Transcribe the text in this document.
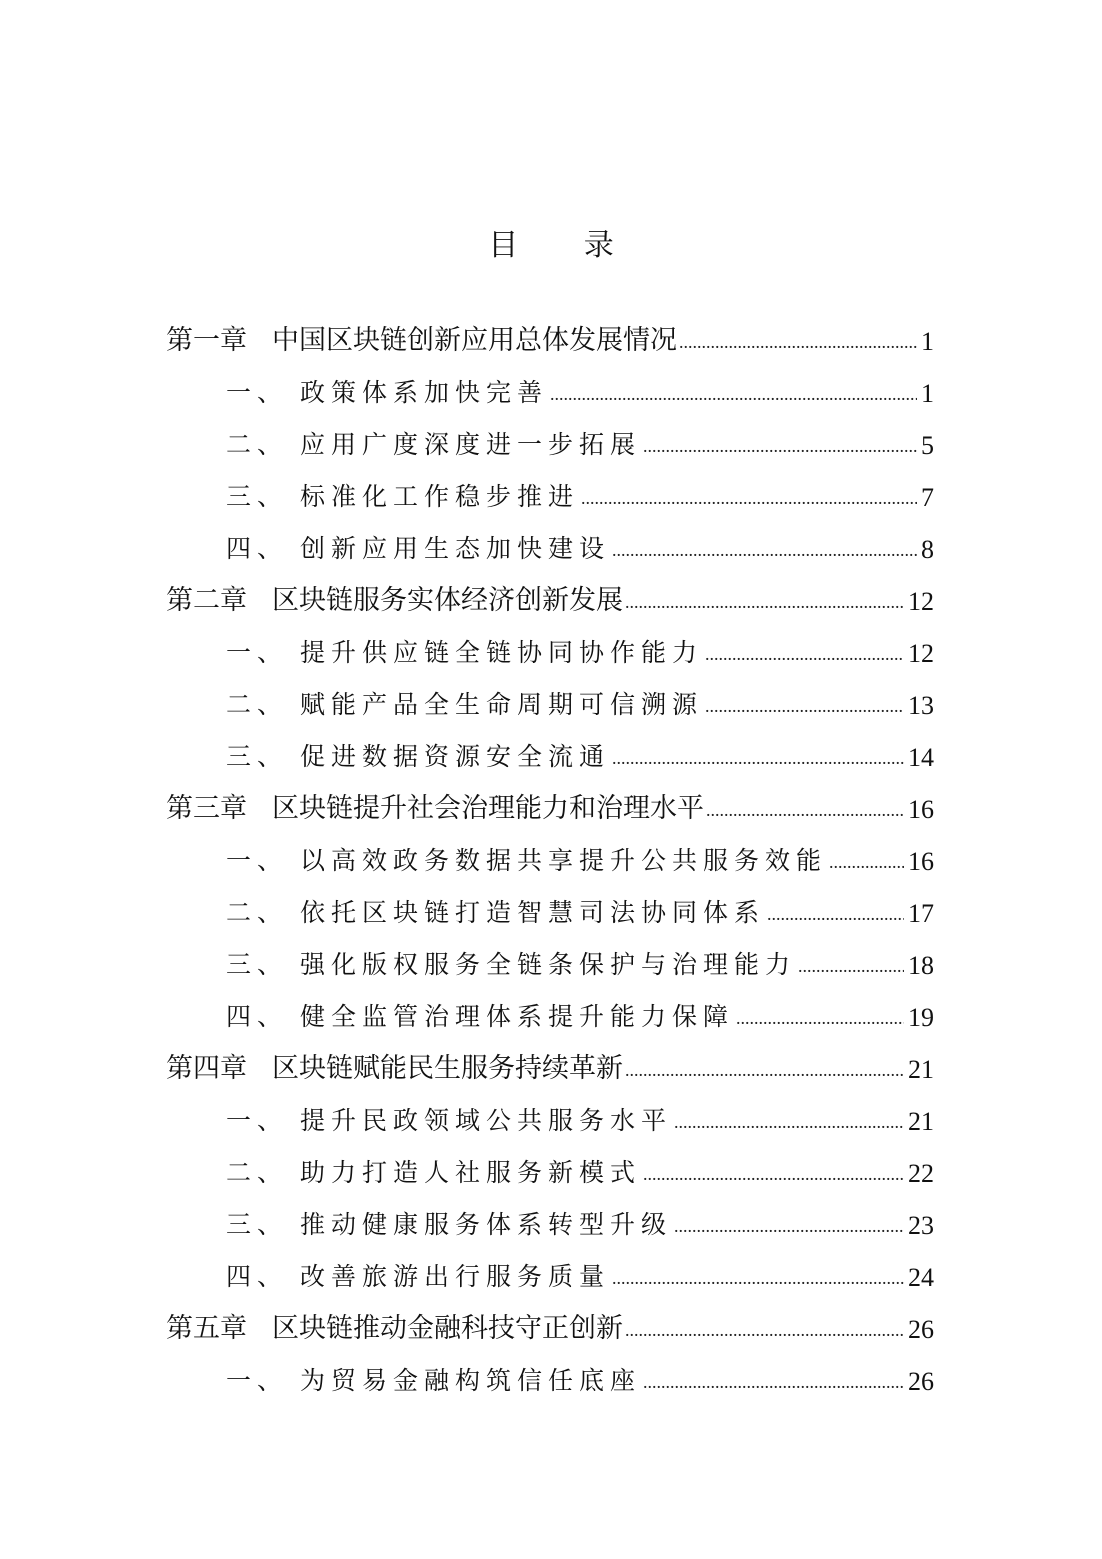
目 录
第一章 中国区块链创新应用总体发展情况 .....	1
一、 政策体系加快完善 .....	1
二、 应用广度深度进一步拓展 .....	5
三、 标准化工作稳步推进 .....	7
四、 创新应用生态加快建设 .....	8
第二章 区块链服务实体经济创新发展 .....	12
一、 提升供应链全链协同协作能力 .....	12
二、 赋能产品全生命周期可信溯源 .....	13
三、 促进数据资源安全流通 .....	14
第三章 区块链提升社会治理能力和治理水平 .....	16
一、 以高效政务数据共享提升公共服务效能 .....	16
二、 依托区块链打造智慧司法协同体系 .....	17
三、 强化版权服务全链条保护与治理能力 .....	18
四、 健全监管治理体系提升能力保障 .....	19
第四章 区块链赋能民生服务持续革新 .....	21
一、 提升民政领域公共服务水平 .....	21
二、 助力打造人社服务新模式 .....	22
三、 推动健康服务体系转型升级 .....	23
四、 改善旅游出行服务质量 .....	24
第五章 区块链推动金融科技守正创新 .....	26
一、 为贸易金融构筑信任底座 .....	26
